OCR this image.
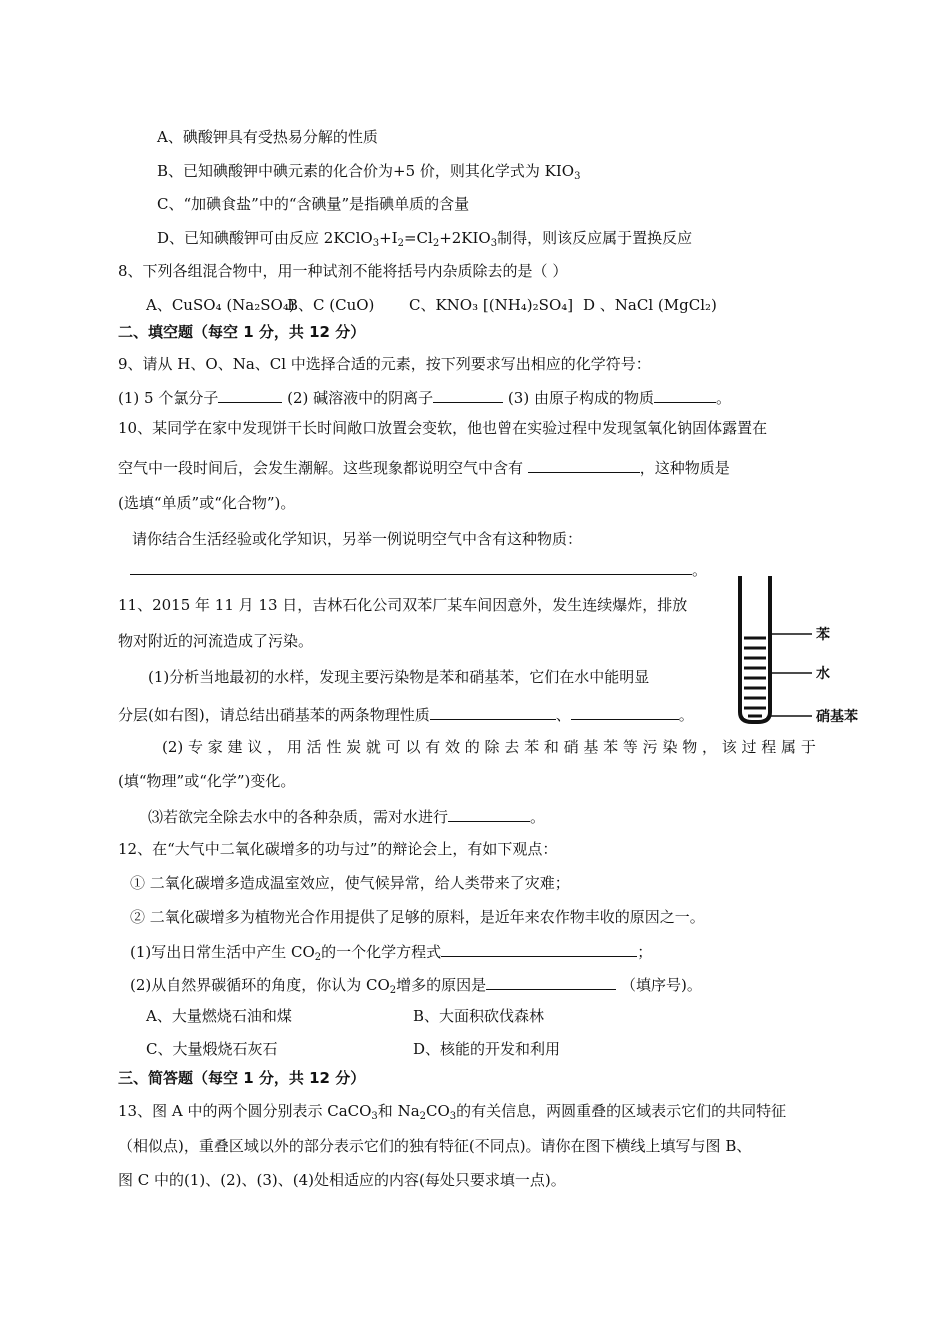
A、碘酸钾具有受热易分解的性质
B、已知碘酸钾中碘元素的化合价为+5 价，则其化学式为 $KIO_3$
C、“加碘食盐”中的“含碘量”是指碘单质的含量
D、已知碘酸钾可由反应 $2KClO_3+I_2=Cl_2+2KIO_3$制得，则该反应属于置换反应
8、下列各组混合物中，用一种试剂不能将括号内杂质除去的是（ ）
A、CuSO₄ (Na₂SO₄)
B、C (CuO) C、KNO₃ [(NH₄)₂SO₄] D 、NaCl (MgCl₂)
二、填空题（每空 1 分，共 12 分）
9、请从 H、O、Na、Cl 中选择合适的元素，按下列要求写出相应的化学符号：
(1) 5 个氯分子	(2) 碱溶液中的阴离子	(3) 由原子构成的物质	。
10、某同学在家中发现饼干长时间敞口放置会变软，他也曾在实验过程中发现氢氧化钠固体露置在
空气中一段时间后，会发生潮解。这些现象都说明空气中含有	，这种物质是
(选填“单质”或“化合物”)。
请你结合生活经验或化学知识，另举一例说明空气中含有这种物质：
。
11、2015 年 11 月 13 日，吉林石化公司双苯厂某车间因意外，发生连续爆炸，排放
物对附近的河流造成了污染。
(1)分析当地最初的水样，发现主要污染物是苯和硝基苯，它们在水中能明显
分层(如右图)，请总结出硝基苯的两条物理性质	、	。
(2) 专 家 建 议 ， 用 活 性 炭 就 可 以 有 效 的 除 去 苯 和 硝 基 苯 等 污 染 物 ， 该 过 程 属 于
(填“物理”或“化学”)变化。
⑶若欲完全除去水中的各种杂质，需对水进行	。
苯
水
硝基苯
12、在“大气中二氧化碳增多的功与过”的辩论会上，有如下观点：
① 二氧化碳增多造成温室效应，使气候异常，给人类带来了灾难；
② 二氧化碳增多为植物光合作用提供了足够的原料，是近年来农作物丰收的原因之一。
(1)写出日常生活中产生 $CO_2$的一个化学方程式	；
(2)从自然界碳循环的角度，你认为 $CO_2$增多的原因是	（填序号)。
A、大量燃烧石油和煤	B、大面积砍伐森林
C、大量煅烧石灰石	D、核能的开发和利用
三、简答题（每空 1 分，共 12 分）
13、图 A 中的两个圆分别表示 CaCO$_3$和 $Na_2CO_3$的有关信息，两圆重叠的区域表示它们的共同特征
（相似点)，重叠区域以外的部分表示它们的独有特征(不同点)。请你在图下横线上填写与图 B、
图 C 中的(1)、(2)、(3)、(4)处相适应的内容(每处只要求填一点)。
